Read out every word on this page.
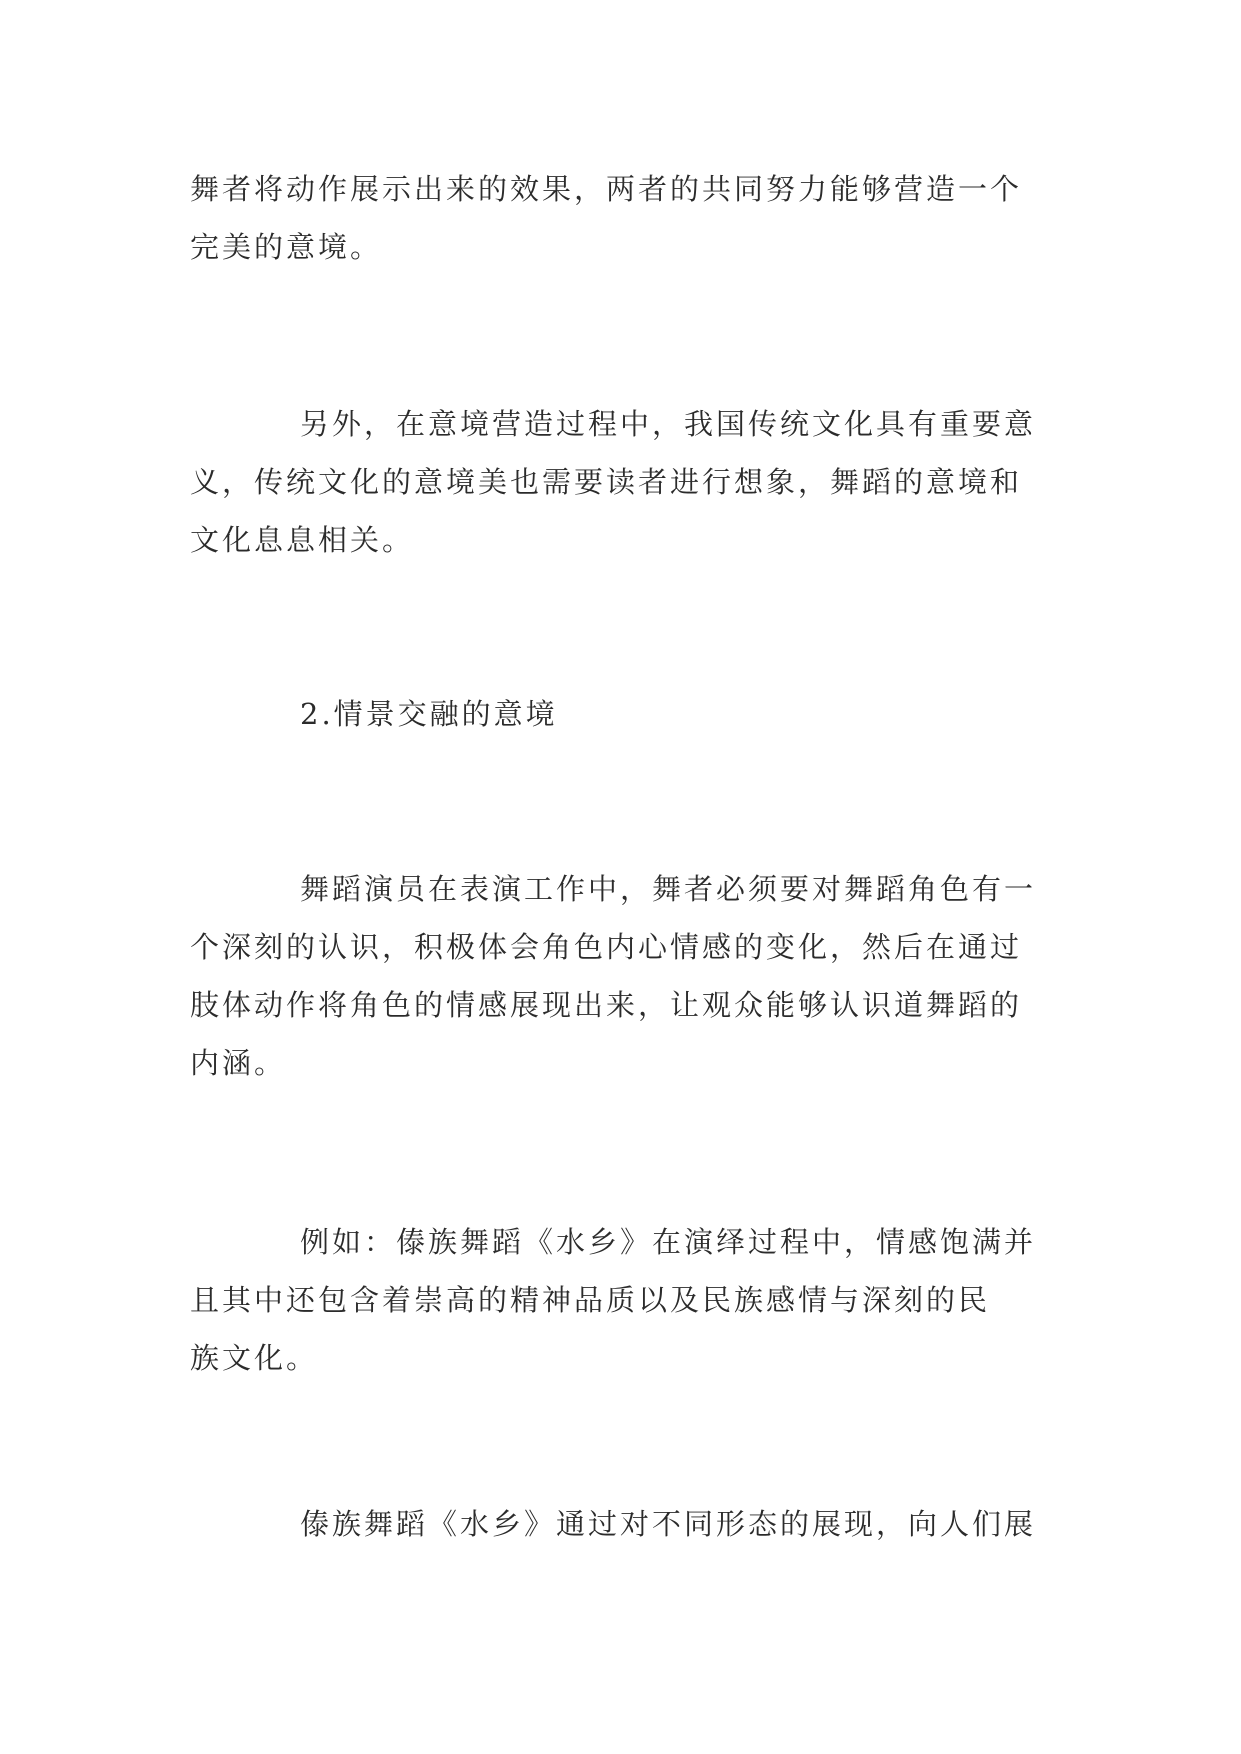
舞者将动作展示出来的效果，两者的共同努力能够营造一个
完美的意境。

另外，在意境营造过程中，我国传统文化具有重要意
义，传统文化的意境美也需要读者进行想象，舞蹈的意境和
文化息息相关。

2.情景交融的意境

舞蹈演员在表演工作中，舞者必须要对舞蹈角色有一
个深刻的认识，积极体会角色内心情感的变化，然后在通过
肢体动作将角色的情感展现出来，让观众能够认识道舞蹈的
内涵。

例如：傣族舞蹈《水乡》在演绎过程中，情感饱满并
且其中还包含着崇高的精神品质以及民族感情与深刻的民
族文化。

傣族舞蹈《水乡》通过对不同形态的展现，向人们展
